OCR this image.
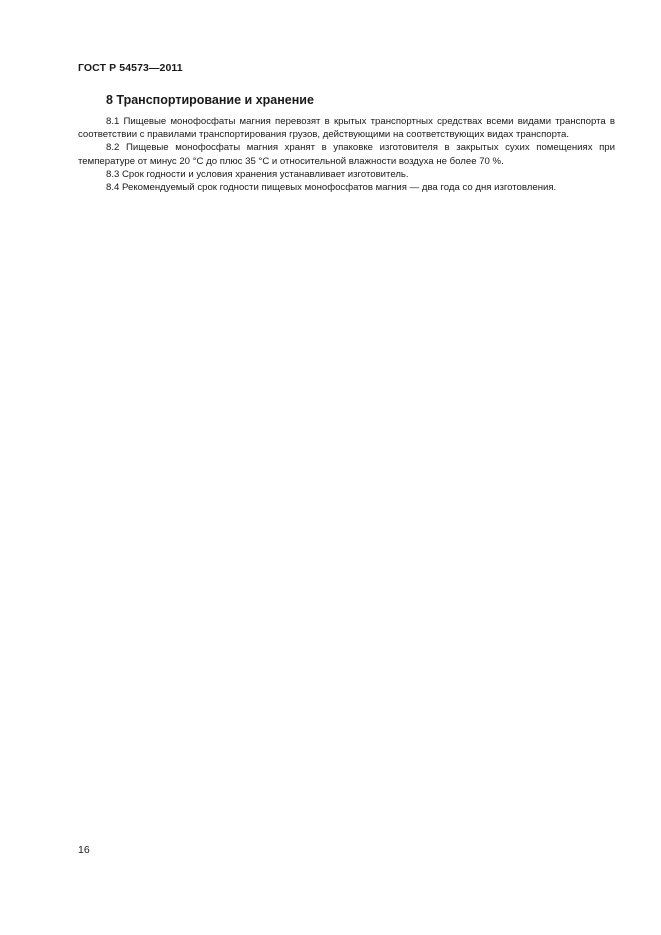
ГОСТ Р 54573—2011
8 Транспортирование и хранение

8.1 Пищевые монофосфаты магния перевозят в крытых транспортных средствах всеми видами транспорта в соответствии с правилами транспортирования грузов, действующими на соответствующих видах транспорта.

8.2 Пищевые монофосфаты магния хранят в упаковке изготовителя в закрытых сухих помещениях при температуре от минус 20 °С до плюс 35 °С и относительной влажности воздуха не более 70 %.

8.3 Срок годности и условия хранения устанавливает изготовитель.

8.4 Рекомендуемый срок годности пищевых монофосфатов магния — два года со дня изготовления.

16
